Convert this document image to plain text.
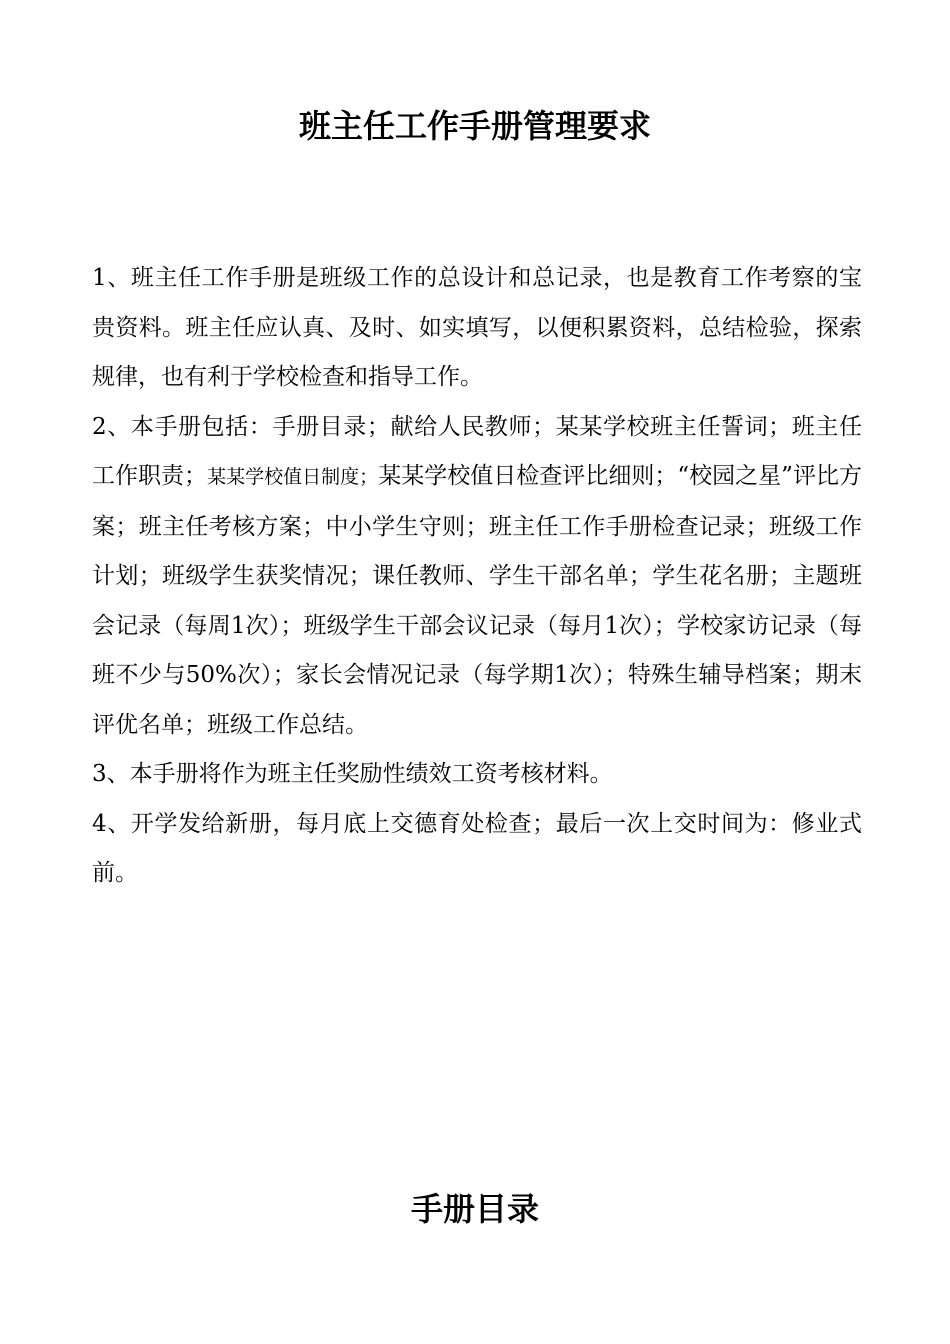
班主任工作手册管理要求

1、班主任工作手册是班级工作的总设计和总记录，也是教育工作考察的宝贵资料。班主任应认真、及时、如实填写，以便积累资料，总结检验，探索规律，也有利于学校检查和指导工作。

2、本手册包括：手册目录；献给人民教师；某某学校班主任誓词；班主任工作职责；某某学校值日制度；某某学校值日检查评比细则；“校园之星”评比方案；班主任考核方案；中小学生守则；班主任工作手册检查记录；班级工作计划；班级学生获奖情况；课任教师、学生干部名单；学生花名册；主题班会记录（每周1次）；班级学生干部会议记录（每月1次）；学校家访记录（每班不少与50%次）；家长会情况记录（每学期1次）；特殊生辅导档案；期末评优名单；班级工作总结。

3、本手册将作为班主任奖励性绩效工资考核材料。

4、开学发给新册，每月底上交德育处检查；最后一次上交时间为：修业式前。

手册目录
